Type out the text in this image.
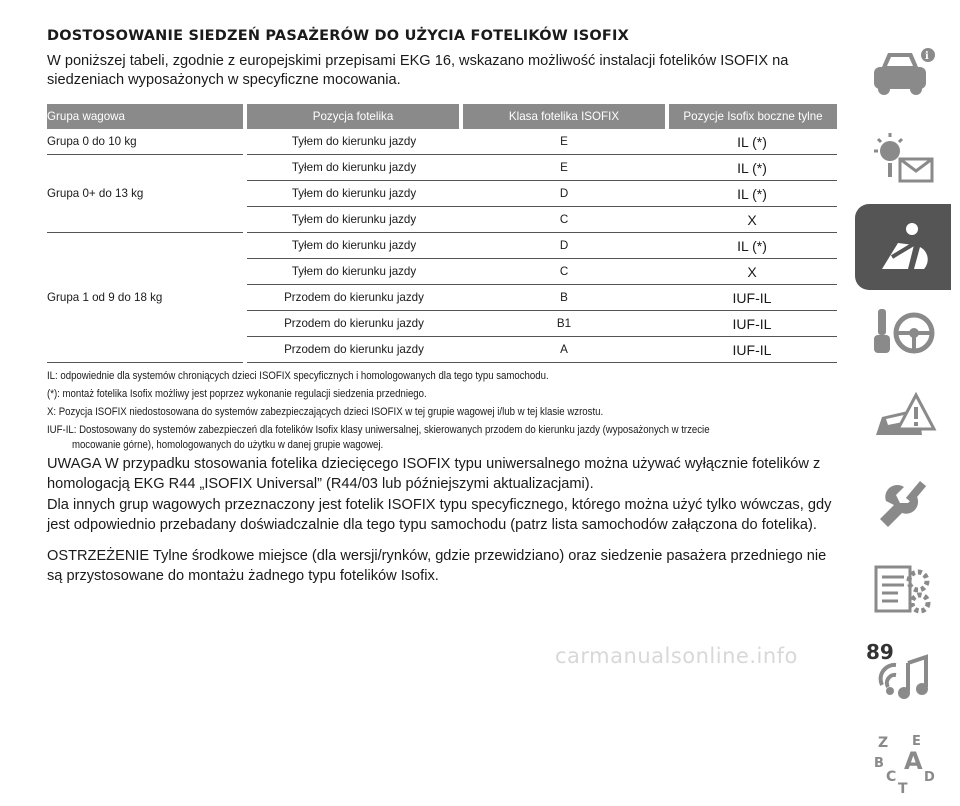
DOSTOSOWANIE SIEDZEŃ PASAŻERÓW DO UŻYCIA FOTELIKÓW ISOFIX

W poniższej tabeli, zgodnie z europejskimi przepisami EKG 16, wskazano możliwość instalacji fotelików ISOFIX na siedzeniach wyposażonych w specyficzne mocowania.

Grupa wagowa	Pozycja fotelika	Klasa fotelika ISOFIX	Pozycje Isofix boczne tylne
Grupa 0 do 10 kg	Tyłem do kierunku jazdy	E	IL (*)
Grupa 0+ do 13 kg	Tyłem do kierunku jazdy	E	IL (*)
	Tyłem do kierunku jazdy	D	IL (*)
	Tyłem do kierunku jazdy	C	X
Grupa 1 od 9 do 18 kg	Tyłem do kierunku jazdy	D	IL (*)
	Tyłem do kierunku jazdy	C	X
	Przodem do kierunku jazdy	B	IUF-IL
	Przodem do kierunku jazdy	B1	IUF-IL
	Przodem do kierunku jazdy	A	IUF-IL
IL: odpowiednie dla systemów chroniących dzieci ISOFIX specyficznych i homologowanych dla tego typu samochodu.
(*): montaż fotelika Isofix możliwy jest poprzez wykonanie regulacji siedzenia przedniego.
X: Pozycja ISOFIX niedostosowana do systemów zabezpieczających dzieci ISOFIX w tej grupie wagowej i/lub w tej klasie wzrostu.
IUF-IL: Dostosowany do systemów zabezpieczeń dla fotelików Isofix klasy uniwersalnej, skierowanych przodem do kierunku jazdy (wyposażonych w trzecie
mocowanie górne), homologowanych do użytku w danej grupie wagowej.

UWAGA W przypadku stosowania fotelika dziecięcego ISOFIX typu uniwersalnego można używać wyłącznie fotelików z homologacją EKG R44 „ISOFIX Universal” (R44/03 lub późniejszymi aktualizacjami).

Dla innych grup wagowych przeznaczony jest fotelik ISOFIX typu specyficznego, którego można użyć tylko wówczas, gdy jest odpowiednio przebadany doświadczalnie dla tego typu samochodu (patrz lista samochodów załączona do fotelika).

OSTRZEŻENIE Tylne środkowe miejsce (dla wersji/rynków, gdzie przewidziano) oraz siedzenie pasażera przedniego nie są przystosowane do montażu żadnego typu fotelików Isofix.

i
Z E
B A
C D
T
carmanualsonline.info	89
